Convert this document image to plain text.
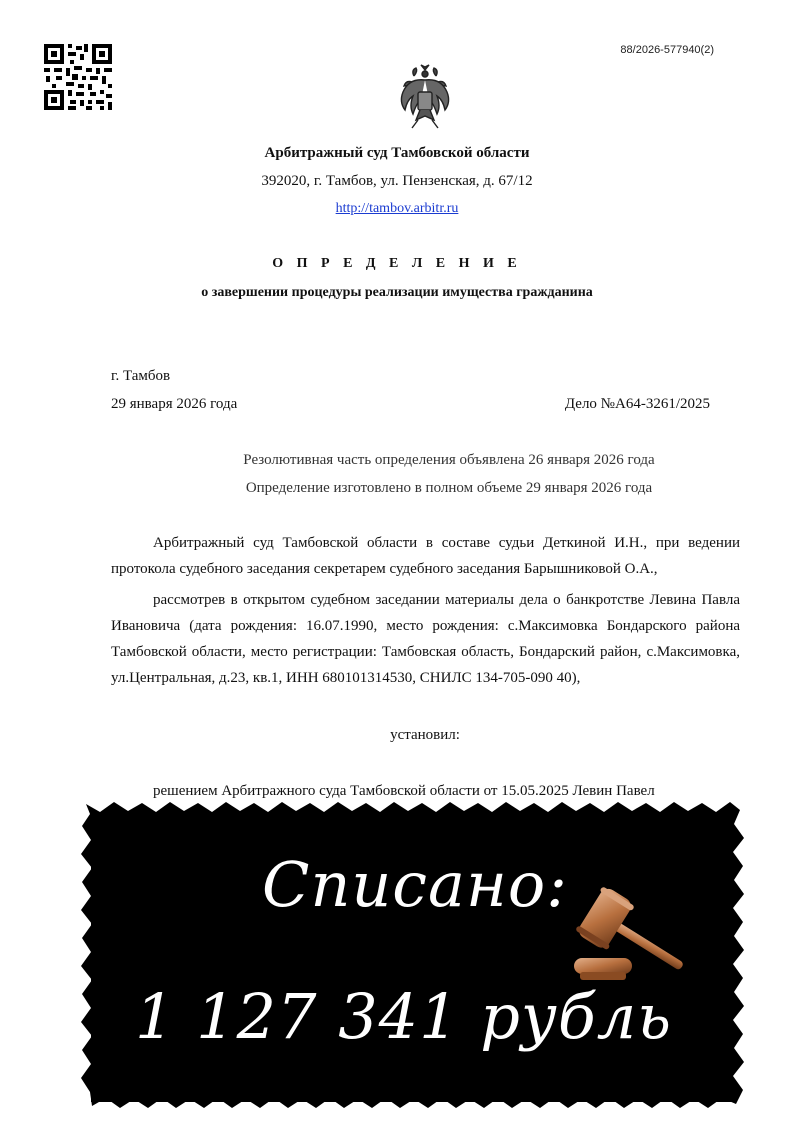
88/2026-577940(2)
Арбитражный суд Тамбовской области
392020, г. Тамбов, ул. Пензенская, д. 67/12
http://tambov.arbitr.ru
О П Р Е Д Е Л Е Н И Е
о завершении процедуры реализации имущества гражданина
г. Тамбов
29 января 2026 года	Дело №А64-3261/2025
Резолютивная часть определения объявлена 26 января 2026 года
Определение изготовлено в полном объеме 29 января 2026 года
Арбитражный суд Тамбовской области в составе судьи Деткиной И.Н., при ведении протокола судебного заседания секретарем судебного заседания Барышниковой О.А.,
рассмотрев в открытом судебном заседании материалы дела о банкротстве Левина Павла Ивановича (дата рождения: 16.07.1990, место рождения: с.Максимовка Бондарского района Тамбовской области, место регистрации: Тамбовская область, Бондарский район, с.Максимовка, ул.Центральная, д.23, кв.1, ИНН 680101314530, СНИЛС 134-705-090 40),
установил:
решением Арбитражного суда Тамбовской области от 15.05.2025 Левин Павел
Списано:
1 127 341 рубль
